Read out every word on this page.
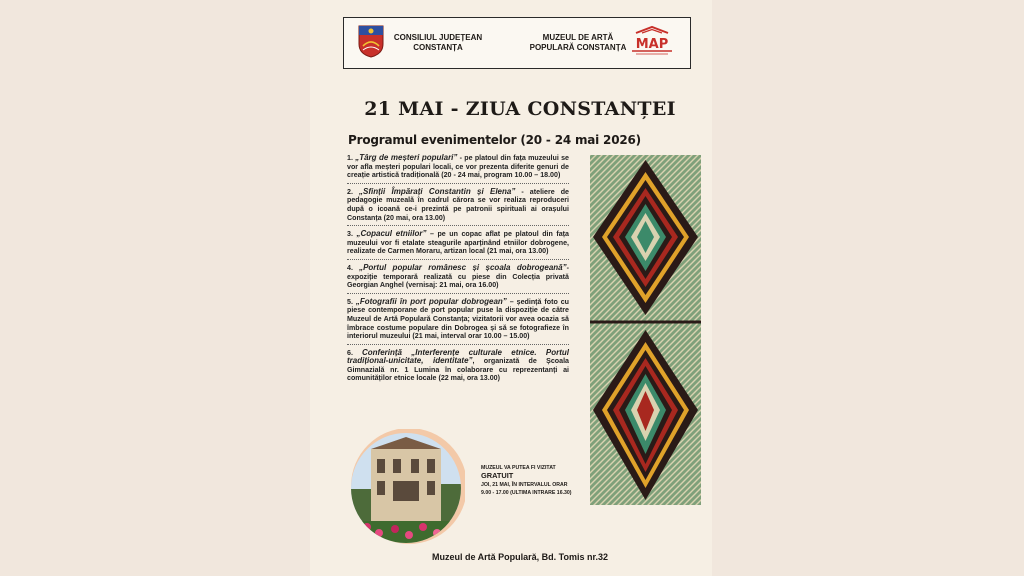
CONSILIUL JUDEȚEAN
CONSTANȚA
MUZEUL DE ARTĂ
POPULARĂ CONSTANȚA MAP
21 MAI - ZIUA CONSTANȚEI
Programul evenimentelor (20 - 24 mai 2026)
1. „Târg de meșteri populari” - pe platoul din fața muzeului se vor afla meșteri populari locali, ce vor prezenta diferite genuri de creație artistică tradițională (20 - 24 mai, program 10.00 – 18.00)
2. „Sfinții Împărați Constantin și Elena” - ateliere de pedagogie muzeală în cadrul cărora se vor realiza reproduceri după o icoană ce-i prezintă pe patronii spirituali ai orașului Constanța (20 mai, ora 13.00)
3. „Copacul etniilor” – pe un copac aflat pe platoul din fața muzeului vor fi etalate steagurile aparținând etniilor dobrogene, realizate de Carmen Moraru, artizan local (21 mai, ora 13.00)
4. „Portul popular românesc și școala dobrogeană”- expoziție temporară realizată cu piese din Colecția privată Georgian Anghel (vernisaj: 21 mai, ora 16.00)
5. „Fotografii în port popular dobrogean” – ședință foto cu piese contemporane de port popular puse la dispoziție de către Muzeul de Artă Populară Constanța; vizitatorii vor avea ocazia să îmbrace costume populare din Dobrogea și să se fotografieze în interiorul muzeului (21 mai, interval orar 10.00 – 15.00)
6. Conferință „Interferențe culturale etnice. Portul tradițional-unicitate, identitate”, organizată de Școala Gimnazială nr. 1 Lumina în colaborare cu reprezentanți ai comunităților etnice locale (22 mai, ora 13.00)
MUZEUL VA PUTEA FI VIZITAT GRATUIT
JOI, 21 MAI, ÎN INTERVALUL ORAR
9.00 - 17.00 (ULTIMA INTRARE 16.30)
Muzeul de Artă Populară, Bd. Tomis nr.32
